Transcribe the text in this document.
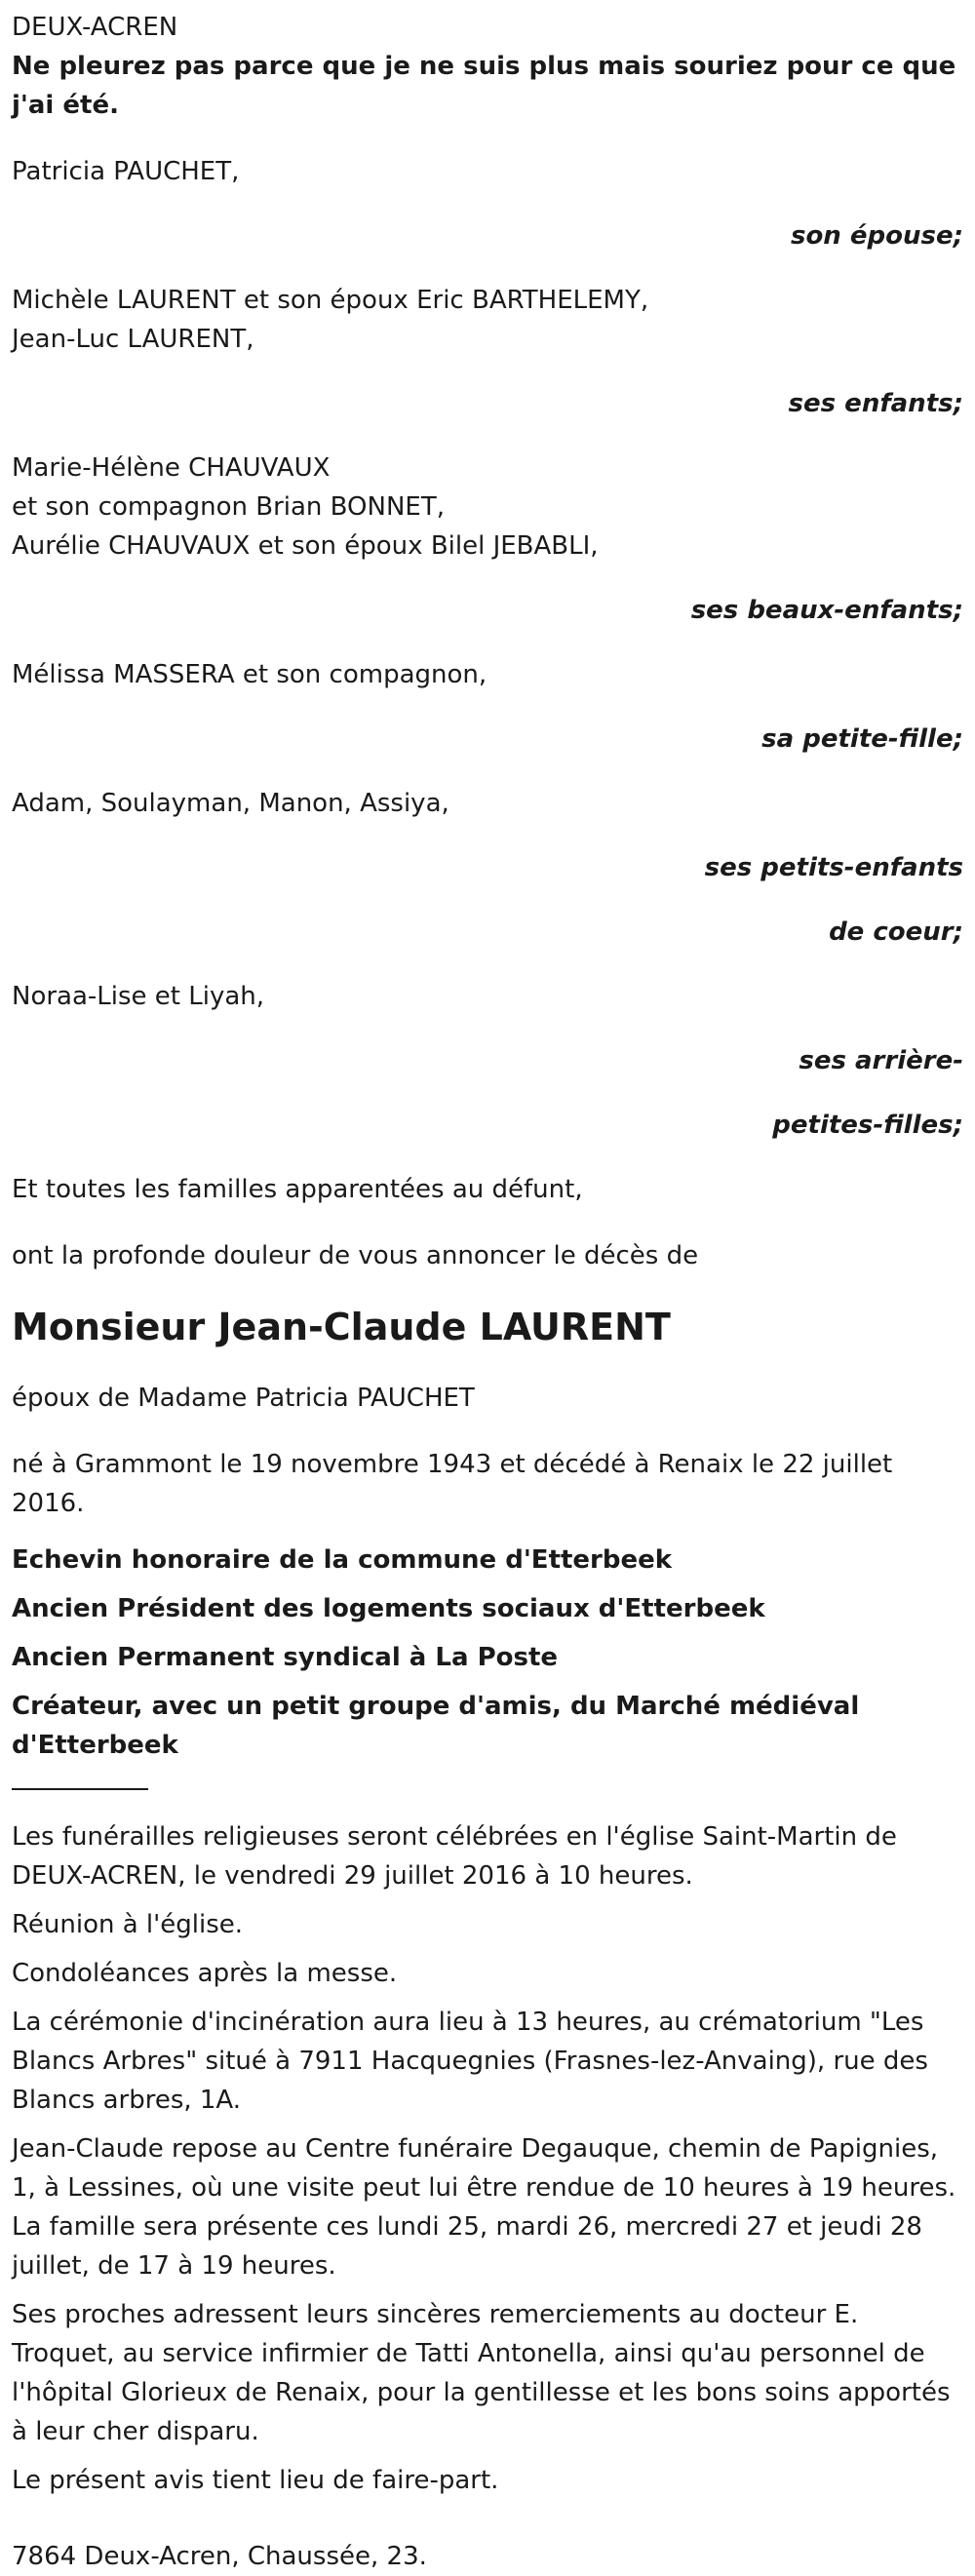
DEUX-ACREN

Ne pleurez pas parce que je ne suis plus mais souriez pour ce que j'ai été.

Patricia PAUCHET,

son épouse;

Michèle LAURENT et son époux Eric BARTHELEMY,

Jean-Luc LAURENT,

ses enfants;

Marie-Hélène CHAUVAUX

et son compagnon Brian BONNET,

Aurélie CHAUVAUX et son époux Bilel JEBABLI,

ses beaux-enfants;

Mélissa MASSERA et son compagnon,

sa petite-fille;

Adam, Soulayman, Manon, Assiya,

ses petits-enfants

de coeur;

Noraa-Lise et Liyah,

ses arrière-

petites-filles;

Et toutes les familles apparentées au défunt,

ont la profonde douleur de vous annoncer le décès de

Monsieur Jean-Claude LAURENT

époux de Madame Patricia PAUCHET

né à Grammont le 19 novembre 1943 et décédé à Renaix le 22 juillet 2016.

Echevin honoraire de la commune d'Etterbeek

Ancien Président des logements sociaux d'Etterbeek

Ancien Permanent syndical à La Poste

Créateur, avec un petit groupe d'amis, du Marché médiéval d'Etterbeek

Les funérailles religieuses seront célébrées en l'église Saint-Martin de DEUX-ACREN, le vendredi 29 juillet 2016 à 10 heures.

Réunion à l'église.

Condoléances après la messe.

La cérémonie d'incinération aura lieu à 13 heures, au crématorium "Les Blancs Arbres" situé à 7911 Hacquegnies (Frasnes-lez-Anvaing), rue des Blancs arbres, 1A.

Jean-Claude repose au Centre funéraire Degauque, chemin de Papignies, 1, à Lessines, où une visite peut lui être rendue de 10 heures à 19 heures. La famille sera présente ces lundi 25, mardi 26, mercredi 27 et jeudi 28 juillet, de 17 à 19 heures.

Ses proches adressent leurs sincères remerciements au docteur E. Troquet, au service infirmier de Tatti Antonella, ainsi qu'au personnel de l'hôpital Glorieux de Renaix, pour la gentillesse et les bons soins apportés à leur cher disparu.

Le présent avis tient lieu de faire-part.

7864 Deux-Acren, Chaussée, 23.
